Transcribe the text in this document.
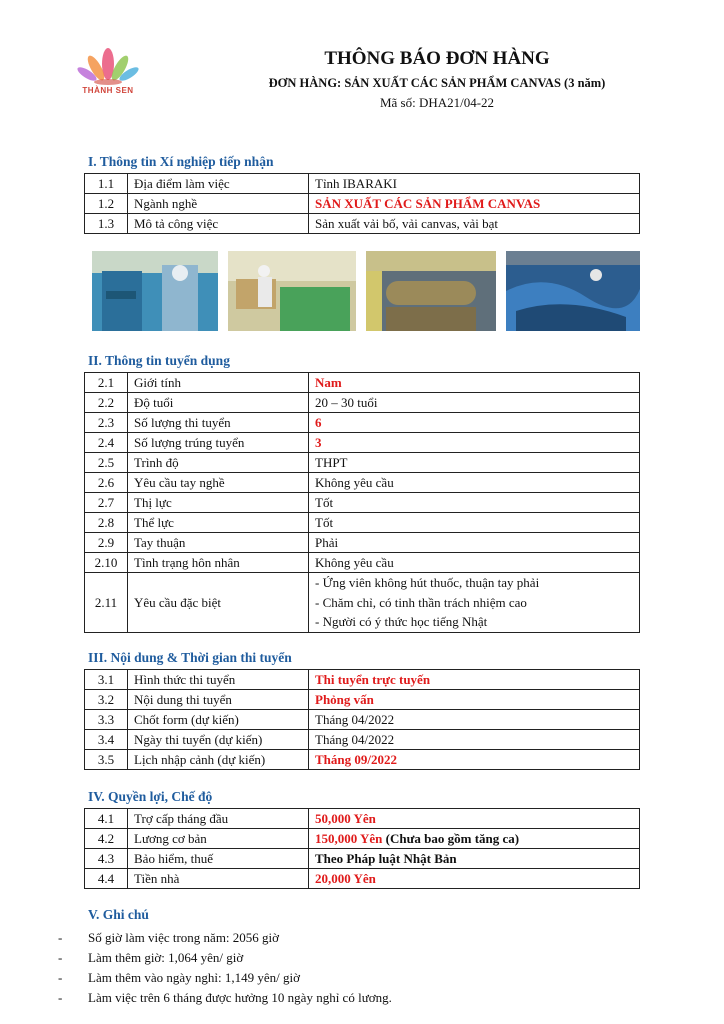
THÀNH SEN
THÔNG BÁO ĐƠN HÀNG
ĐƠN HÀNG: SẢN XUẤT CÁC SẢN PHẨM CANVAS (3 năm)
Mã số: DHA21/04-22
I. Thông tin Xí nghiệp tiếp nhận
1.1	Địa điểm làm việc	Tỉnh IBARAKI
1.2	Ngành nghề	SẢN XUẤT CÁC SẢN PHẨM CANVAS
1.3	Mô tả công việc	Sản xuất vải bố, vải canvas, vải bạt
II. Thông tin tuyển dụng
2.1	Giới tính	Nam
2.2	Độ tuổi	20 – 30 tuổi
2.3	Số lượng thi tuyển	6
2.4	Số lượng trúng tuyển	3
2.5	Trình độ	THPT
2.6	Yêu cầu tay nghề	Không yêu cầu
2.7	Thị lực	Tốt
2.8	Thể lực	Tốt
2.9	Tay thuận	Phải
2.10	Tình trạng hôn nhân	Không yêu cầu
2.11	Yêu cầu đặc biệt	- Ứng viên không hút thuốc, thuận tay phải
- Chăm chỉ, có tinh thần trách nhiệm cao
- Người có ý thức học tiếng Nhật
III. Nội dung & Thời gian thi tuyển
3.1	Hình thức thi tuyển	Thi tuyển trực tuyến
3.2	Nội dung thi tuyển	Phỏng vấn
3.3	Chốt form (dự kiến)	Tháng 04/2022
3.4	Ngày thi tuyển (dự kiến)	Tháng 04/2022
3.5	Lịch nhập cảnh (dự kiến)	Tháng 09/2022
IV. Quyền lợi, Chế độ
4.1	Trợ cấp tháng đầu	50,000 Yên
4.2	Lương cơ bản	150,000 Yên (Chưa bao gồm tăng ca)
4.3	Bảo hiểm, thuế	Theo Pháp luật Nhật Bản
4.4	Tiền nhà	20,000 Yên
V. Ghi chú
- Số giờ làm việc trong năm: 2056 giờ
- Làm thêm giờ: 1,064 yên/ giờ
- Làm thêm vào ngày nghỉ: 1,149 yên/ giờ
- Làm việc trên 6 tháng được hưởng 10 ngày nghỉ có lương.
